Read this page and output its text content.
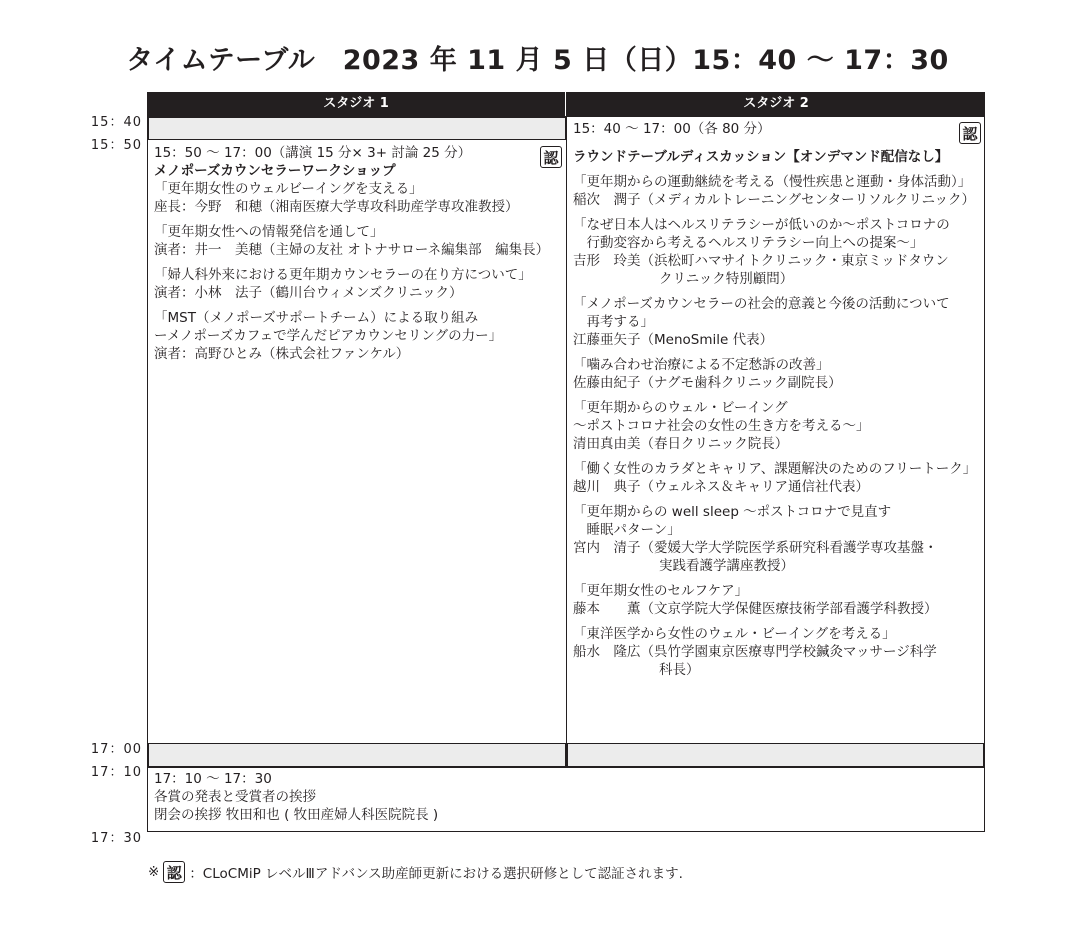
タイムテーブル　2023 年 11 月 5 日（日）15：40 〜 17：30
15：40
15：50
17：00
17：10
17：30
スタジオ 1	スタジオ 2
認

15：50 〜 17：00（講演 15 分× 3+ 討論 25 分）

メノポーズカウンセラーワークショップ

「更年期女性のウェルビーイングを支える」

座長：今野　和穂（湘南医療大学専攻科助産学専攻准教授）

「更年期女性への情報発信を通して」

演者：井一　美穂（主婦の友社 オトナサローネ編集部　編集長）

「婦人科外来における更年期カウンセラーの在り方について」

演者：小林　法子（鶴川台ウィメンズクリニック）

「MST（メノポーズサポートチーム）による取り組み

ーメノポーズカフェで学んだピアカウンセリングの力ー」

演者：高野ひとみ（株式会社ファンケル）

認

15：40 〜 17：00（各 80 分）

ラウンドテーブルディスカッション【オンデマンド配信なし】

「更年期からの運動継続を考える（慢性疾患と運動・身体活動）」

稲次　潤子（メディカルトレーニングセンターリソルクリニック）

「なぜ日本人はヘルスリテラシーが低いのか〜ポストコロナの

　行動変容から考えるヘルスリテラシー向上への提案〜」

吉形　玲美（浜松町ハマサイトクリニック・東京ミッドタウン

クリニック特別顧問）

「メノポーズカウンセラーの社会的意義と今後の活動について

　再考する」

江藤亜矢子（MenoSmile 代表）

「噛み合わせ治療による不定愁訴の改善」

佐藤由紀子（ナグモ歯科クリニック副院長）

「更年期からのウェル・ビーイング

〜ポストコロナ社会の女性の生き方を考える〜」

清田真由美（春日クリニック院長）

「働く女性のカラダとキャリア、課題解決のためのフリートーク」

越川　典子（ウェルネス＆キャリア通信社代表）

「更年期からの well sleep 〜ポストコロナで見直す

　睡眠パターン」

宮内　清子（愛媛大学大学院医学系研究科看護学専攻基盤・

実践看護学講座教授）

「更年期女性のセルフケア」

藤本　　薫（文京学院大学保健医療技術学部看護学科教授）

「東洋医学から女性のウェル・ビーイングを考える」

船水　隆広（呉竹学園東京医療専門学校鍼灸マッサージ科学

科長）

17：10 〜 17：30

各賞の発表と受賞者の挨拶

閉会の挨拶 牧田和也 ( 牧田産婦人科医院院長 )

※ 認 ：CLoCMiP レベルⅢアドバンス助産師更新における選択研修として認証されます.
